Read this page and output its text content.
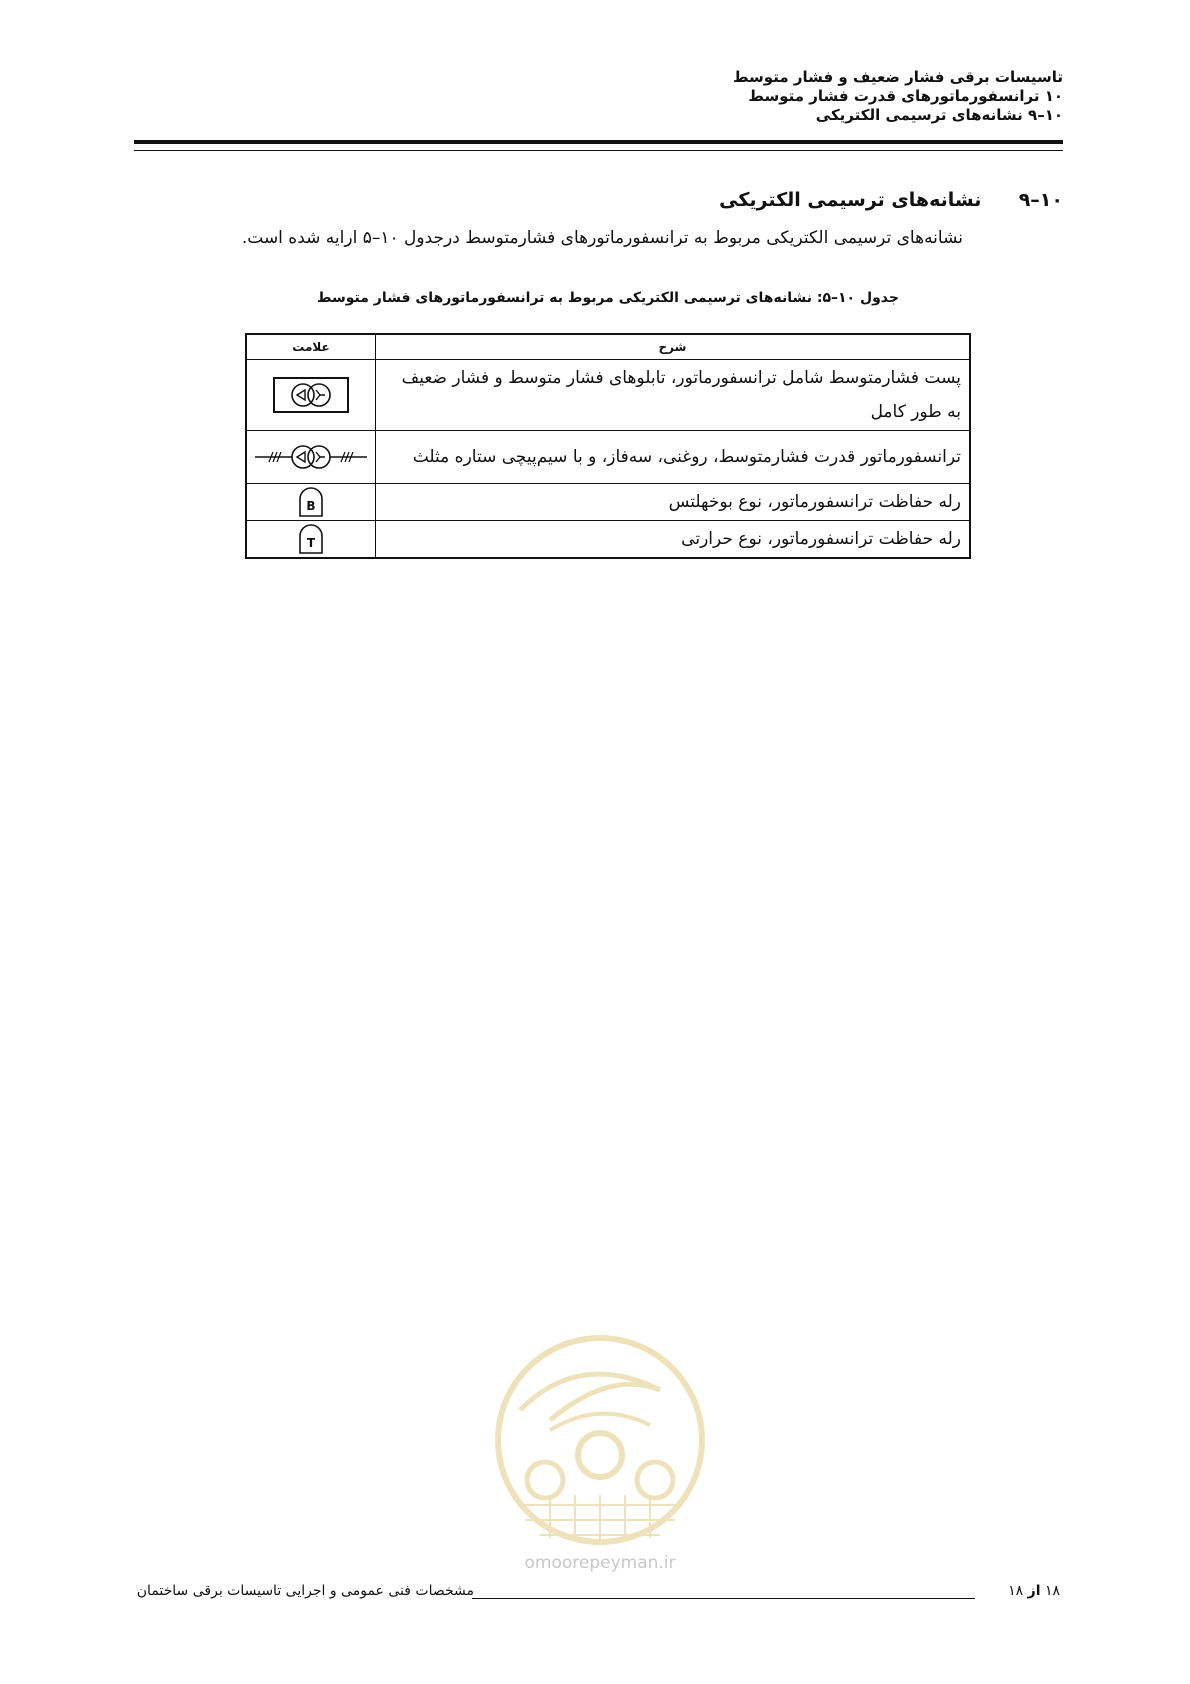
تاسیسات برقی فشار ضعیف و فشار متوسط
۱۰ ترانسفورماتورهای قدرت فشار متوسط
۱۰–۹ نشانه‌های ترسیمی الکتریکی
۱۰–۹ نشانه‌های ترسیمی الکتریکی
نشانه‌های ترسیمی الکتریکی مربوط به ترانسفورماتورهای فشارمتوسط درجدول ۱۰–۵ ارایه شده است.
جدول ۱۰–۵: نشانه‌های ترسیمی الکتریکی مربوط به ترانسفورماتورهای فشار متوسط
شرح	علامت

پست فشارمتوسط شامل ترانسفورماتور، تابلوهای فشار متوسط و فشار ضعیف
به طور کامل

ترانسفورماتور قدرت فشارمتوسط، روغنی، سه‌فاز، و با سیم‌پیچی ستاره مثلث	

رله حفاظت ترانسفورماتور، نوع بوخهلتس	B

رله حفاظت ترانسفورماتور، نوع حرارتی	T
omoorepeyman.ir
مشخصات فنی عمومی و اجرایی تاسیسات برقی ساختمان	۱۸ از ۱۸
